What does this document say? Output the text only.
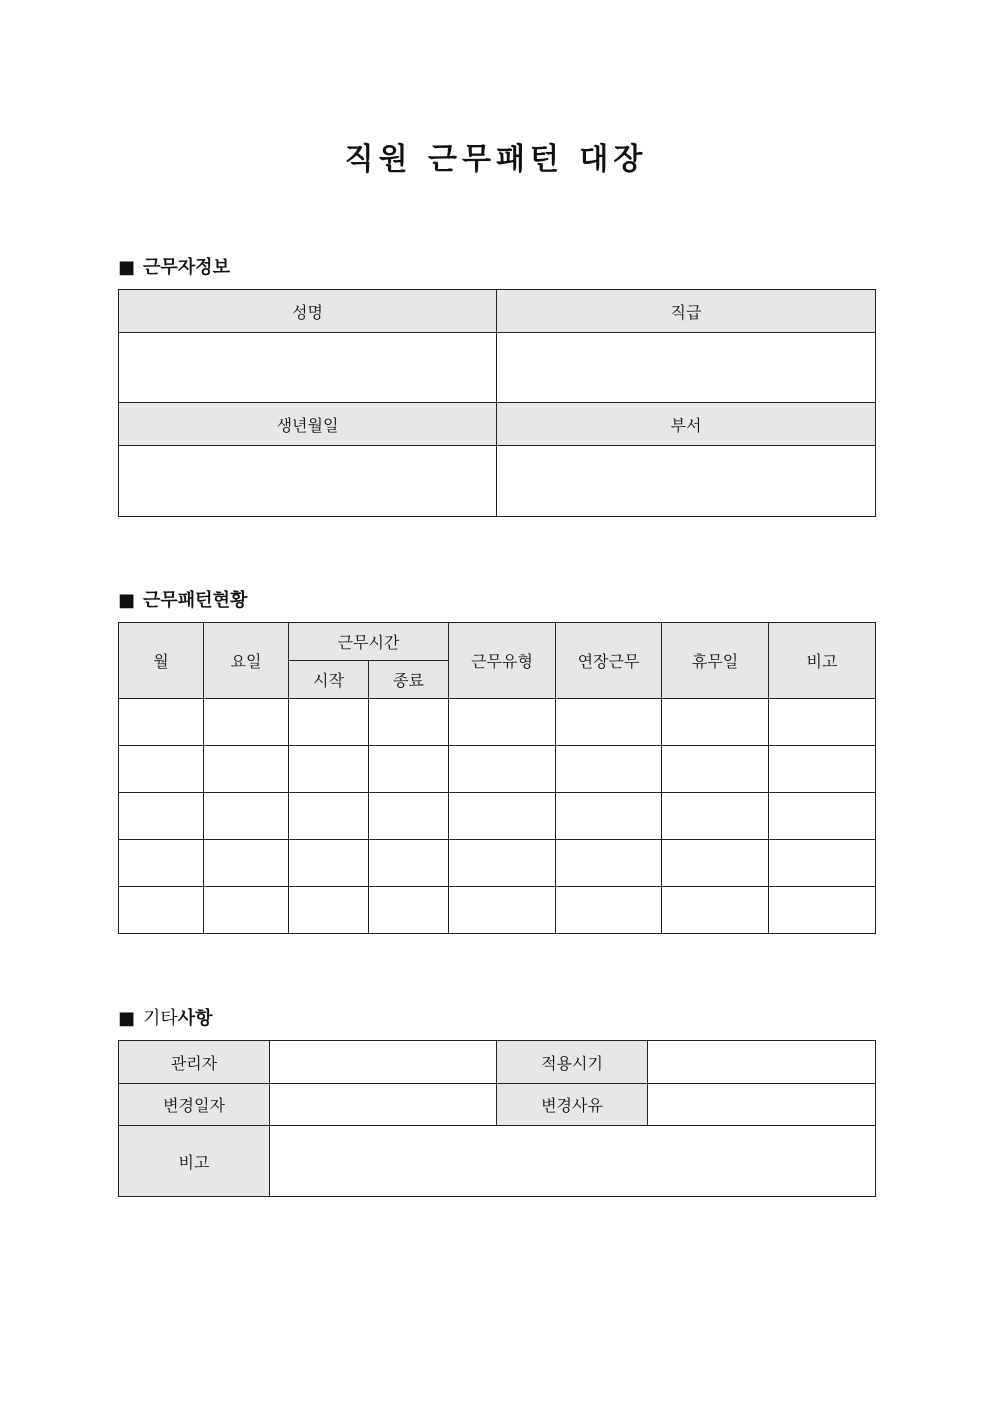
직원 근무패턴 대장
■ 근무자정보
성명	직급

생년월일	부서

■ 근무패턴현황
월	요일	근무시간		근무유형	연장근무	휴무일	비고
		시작	종료				

■ 기타사항
관리자		적용시기	
변경일자		변경사유	
비고			
